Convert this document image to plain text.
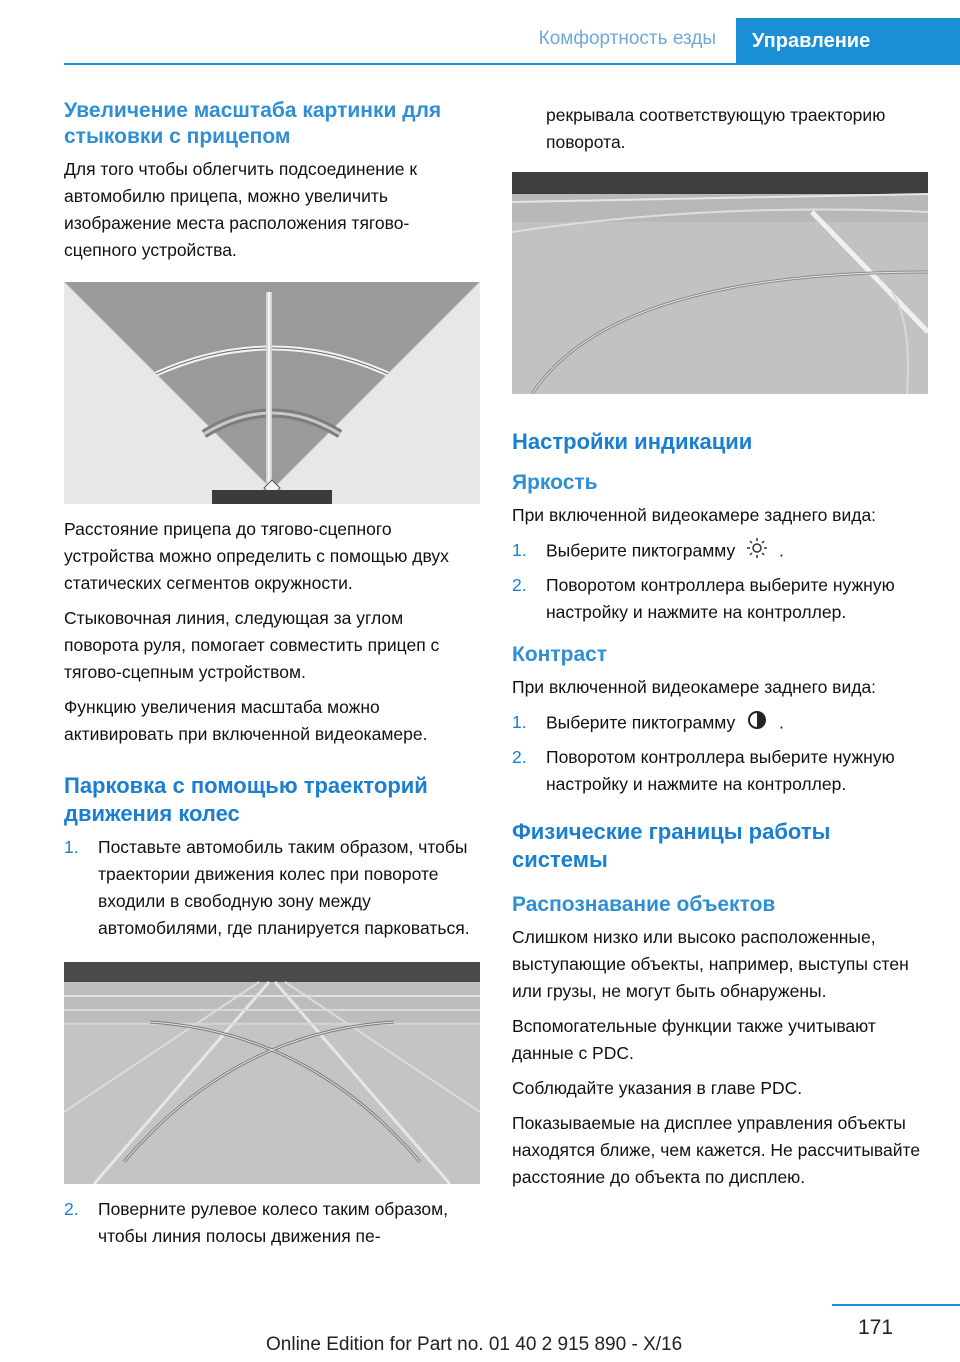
Комфортность езды	Управление
Увеличение масштаба картинки для стыковки с прицепом
Для того чтобы облегчить подсоединение к автомобилю прицепа, можно увеличить изображение места расположения тягово-сцепного устройства.
Расстояние прицепа до тягово-сцепного устройства можно определить с помощью двух статических сегментов окружности.
Стыковочная линия, следующая за углом поворота руля, помогает совместить прицеп с тягово-сцепным устройством.
Функцию увеличения масштаба можно активировать при включенной видеокамере.
Парковка с помощью траекторий движения колес
1. Поставьте автомобиль таким образом, чтобы траектории движения колес при повороте входили в свободную зону между автомобилями, где планируется парковаться.
2. Поверните рулевое колесо таким образом, чтобы линия полосы движения пе-
рекрывала соответствующую траекторию поворота.
Настройки индикации
Яркость
При включенной видеокамере заднего вида:
1. Выберите пиктограмму	.
2. Поворотом контроллера выберите нужную настройку и нажмите на контроллер.
Контраст
При включенной видеокамере заднего вида:
1. Выберите пиктограмму	.
2. Поворотом контроллера выберите нужную настройку и нажмите на контроллер.
Физические границы работы системы
Распознавание объектов
Слишком низко или высоко расположенные, выступающие объекты, например, выступы стен или грузы, не могут быть обнаружены.
Вспомогательные функции также учитывают данные с PDC.
Соблюдайте указания в главе PDC.
Показываемые на дисплее управления объекты находятся ближе, чем кажется. Не рассчитывайте расстояние до объекта по дисплею.
171
Online Edition for Part no. 01 40 2 915 890 - X/16
